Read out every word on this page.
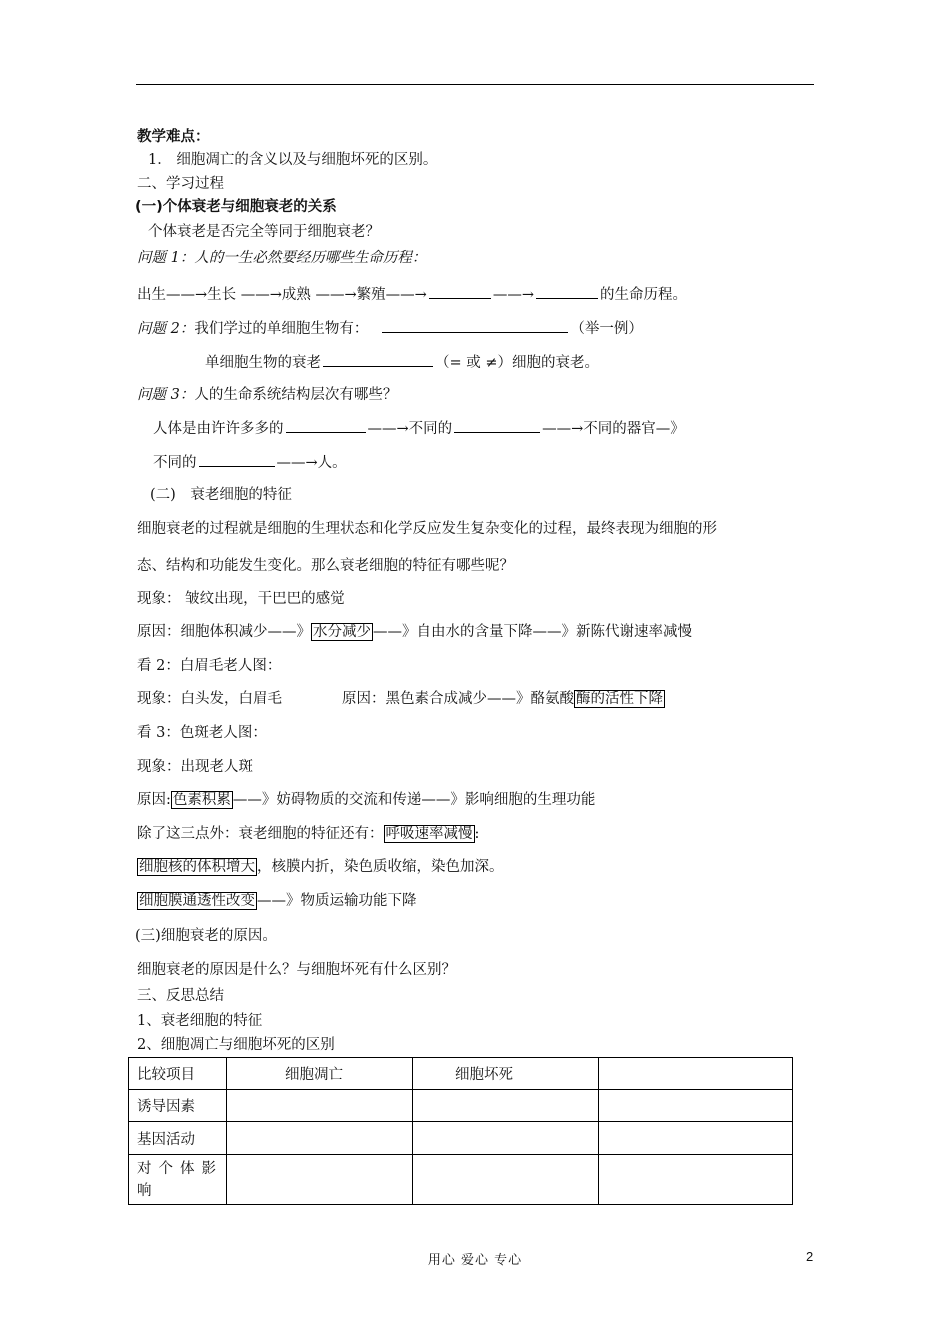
教学难点：
1． 细胞凋亡的含义以及与细胞坏死的区别。
二、学习过程
(一)个体衰老与细胞衰老的关系
个体衰老是否完全等同于细胞衰老？
问题 1：人的一生必然要经历哪些生命历程：
出生——→生长 ——→成熟 ——→繁殖——→	——→	的生命历程。
问题 2：我们学过的单细胞生物有：	（举一例）
单细胞生物的衰老	（= 或 ≠）细胞的衰老。
问题 3：人的生命系统结构层次有哪些？
人体是由许许多多的	——→不同的	——→不同的器官—》
不同的	——→人。
(二)　衰老细胞的特征
细胞衰老的过程就是细胞的生理状态和化学反应发生复杂变化的过程，最终表现为细胞的形
态、结构和功能发生变化。那么衰老细胞的特征有哪些呢？
现象： 皱纹出现，干巴巴的感觉
原因：细胞体积减少——》 水分减少 ——》自由水的含量下降——》新陈代谢速率减慢
看 2：白眉毛老人图：
现象：白头发，白眉毛	原因：黑色素合成减少——》酪氨酸 酶的活性下降
看 3：色斑老人图：
现象：出现老人斑
原因: 色素积累 ——》妨碍物质的交流和传递——》影响细胞的生理功能
除了这三点外：衰老细胞的特征还有： 呼吸速率减慢 :
细胞核的体积增大 ，核膜内折，染色质收缩，染色加深。
细胞膜通透性改变 ——》物质运输功能下降
(三)细胞衰老的原因。
细胞衰老的原因是什么？与细胞坏死有什么区别？
三、反思总结
1、衰老细胞的特征
2、细胞凋亡与细胞坏死的区别
比较项目	细胞凋亡	细胞坏死	
诱导因素			
基因活动			
对个体影响			
用心 爱心 专心	2
